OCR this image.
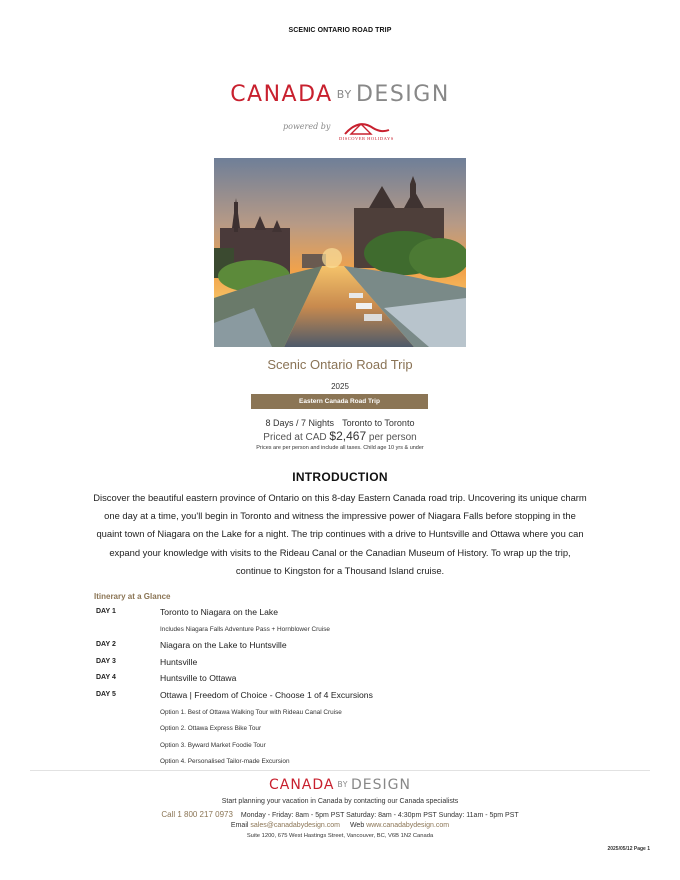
SCENIC ONTARIO ROAD TRIP
CANADA BY DESIGN
powered by
DISCOVER HOLIDAYS
Scenic Ontario Road Trip
2025
Eastern Canada Road Trip
8 Days / 7 Nights Toronto to Toronto
Priced at CAD $2,467 per person
Prices are per person and include all taxes. Child age 10 yrs & under
INTRODUCTION
Discover the beautiful eastern province of Ontario on this 8-day Eastern Canada road trip. Uncovering its unique charm one day at a time, you'll begin in Toronto and witness the impressive power of Niagara Falls before stopping in the quaint town of Niagara on the Lake for a night. The trip continues with a drive to Huntsville and Ottawa where you can expand your knowledge with visits to the Rideau Canal or the Canadian Museum of History. To wrap up the trip, continue to Kingston for a Thousand Island cruise.
Itinerary at a Glance
DAY 1	Toronto to Niagara on the Lake
Includes Niagara Falls Adventure Pass + Hornblower Cruise
DAY 2	Niagara on the Lake to Huntsville
DAY 3	Huntsville
DAY 4	Huntsville to Ottawa
DAY 5	Ottawa | Freedom of Choice - Choose 1 of 4 Excursions
Option 1. Best of Ottawa Walking Tour with Rideau Canal Cruise
Option 2. Ottawa Express Bike Tour
Option 3. Byward Market Foodie Tour
Option 4. Personalised Tailor-made Excursion
CANADA BY DESIGN
Start planning your vacation in Canada by contacting our Canada specialists
Call 1 800 217 0973 Monday - Friday: 8am - 5pm PST Saturday: 8am - 4:30pm PST Sunday: 11am - 5pm PST
Email sales@canadabydesign.com Web www.canadabydesign.com
Suite 1200, 675 West Hastings Street, Vancouver, BC, V6B 1N2 Canada
2025/05/12 Page 1
